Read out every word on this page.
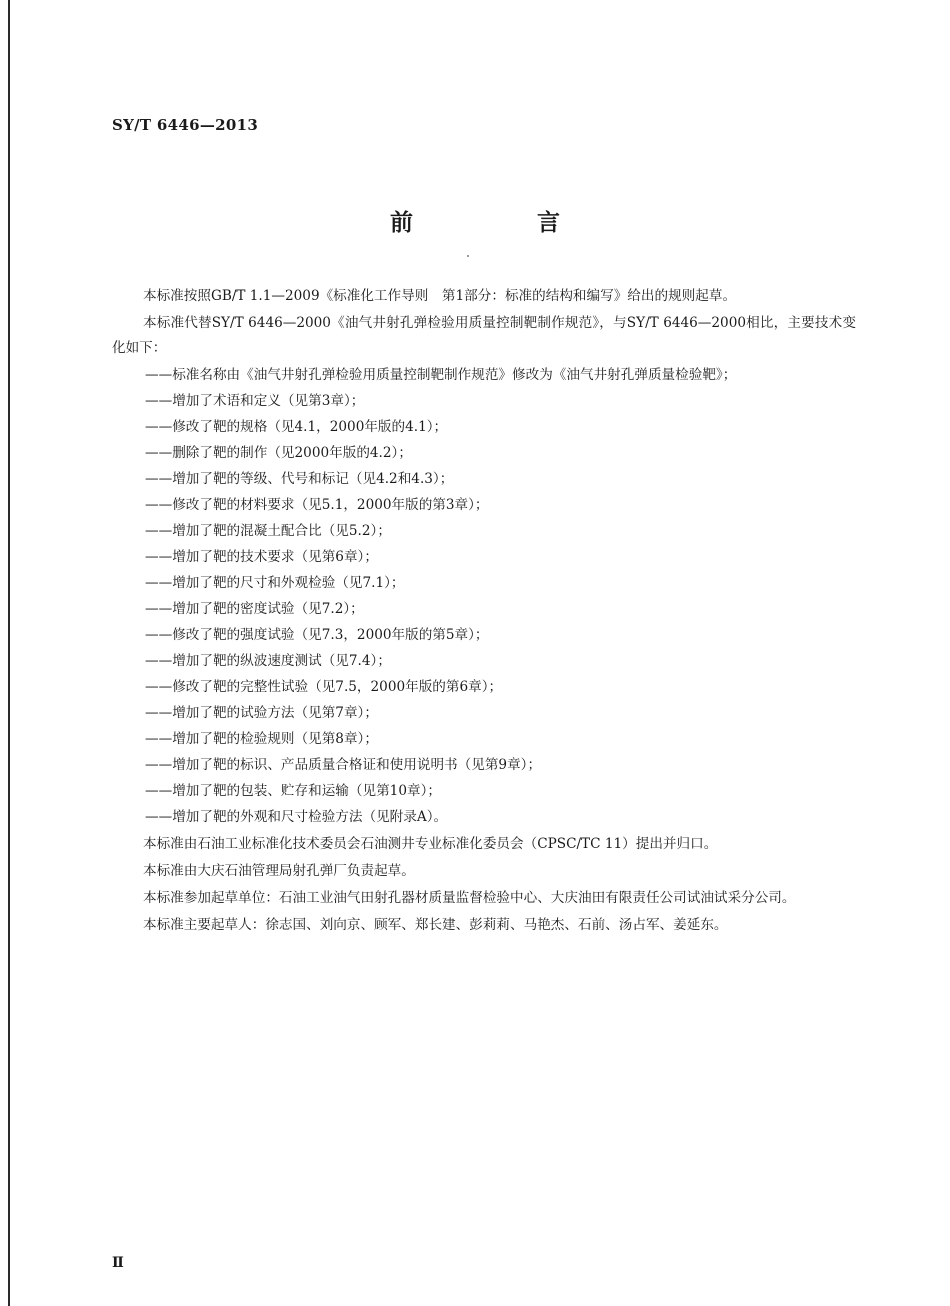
SY/T 6446—2013
前 言
本标准按照GB/T 1.1—2009《标准化工作导则　第1部分：标准的结构和编写》给出的规则起草。
本标准代替SY/T 6446—2000《油气井射孔弹检验用质量控制靶制作规范》，与SY/T 6446—2000相比，主要技术变化如下：
——标准名称由《油气井射孔弹检验用质量控制靶制作规范》修改为《油气井射孔弹质量检验靶》；
——增加了术语和定义（见第3章）；
——修改了靶的规格（见4.1，2000年版的4.1）；
——删除了靶的制作（见2000年版的4.2）；
——增加了靶的等级、代号和标记（见4.2和4.3）；
——修改了靶的材料要求（见5.1，2000年版的第3章）；
——增加了靶的混凝土配合比（见5.2）；
——增加了靶的技术要求（见第6章）；
——增加了靶的尺寸和外观检验（见7.1）；
——增加了靶的密度试验（见7.2）；
——修改了靶的强度试验（见7.3，2000年版的第5章）；
——增加了靶的纵波速度测试（见7.4）；
——修改了靶的完整性试验（见7.5，2000年版的第6章）；
——增加了靶的试验方法（见第7章）；
——增加了靶的检验规则（见第8章）；
——增加了靶的标识、产品质量合格证和使用说明书（见第9章）；
——增加了靶的包装、贮存和运输（见第10章）；
——增加了靶的外观和尺寸检验方法（见附录A）。
本标准由石油工业标准化技术委员会石油测井专业标准化委员会（CPSC/TC 11）提出并归口。
本标准由大庆石油管理局射孔弹厂负责起草。
本标准参加起草单位：石油工业油气田射孔器材质量监督检验中心、大庆油田有限责任公司试油试采分公司。
本标准主要起草人：徐志国、刘向京、顾军、郑长建、彭莉莉、马艳杰、石前、汤占军、姜延东。
Ⅱ
